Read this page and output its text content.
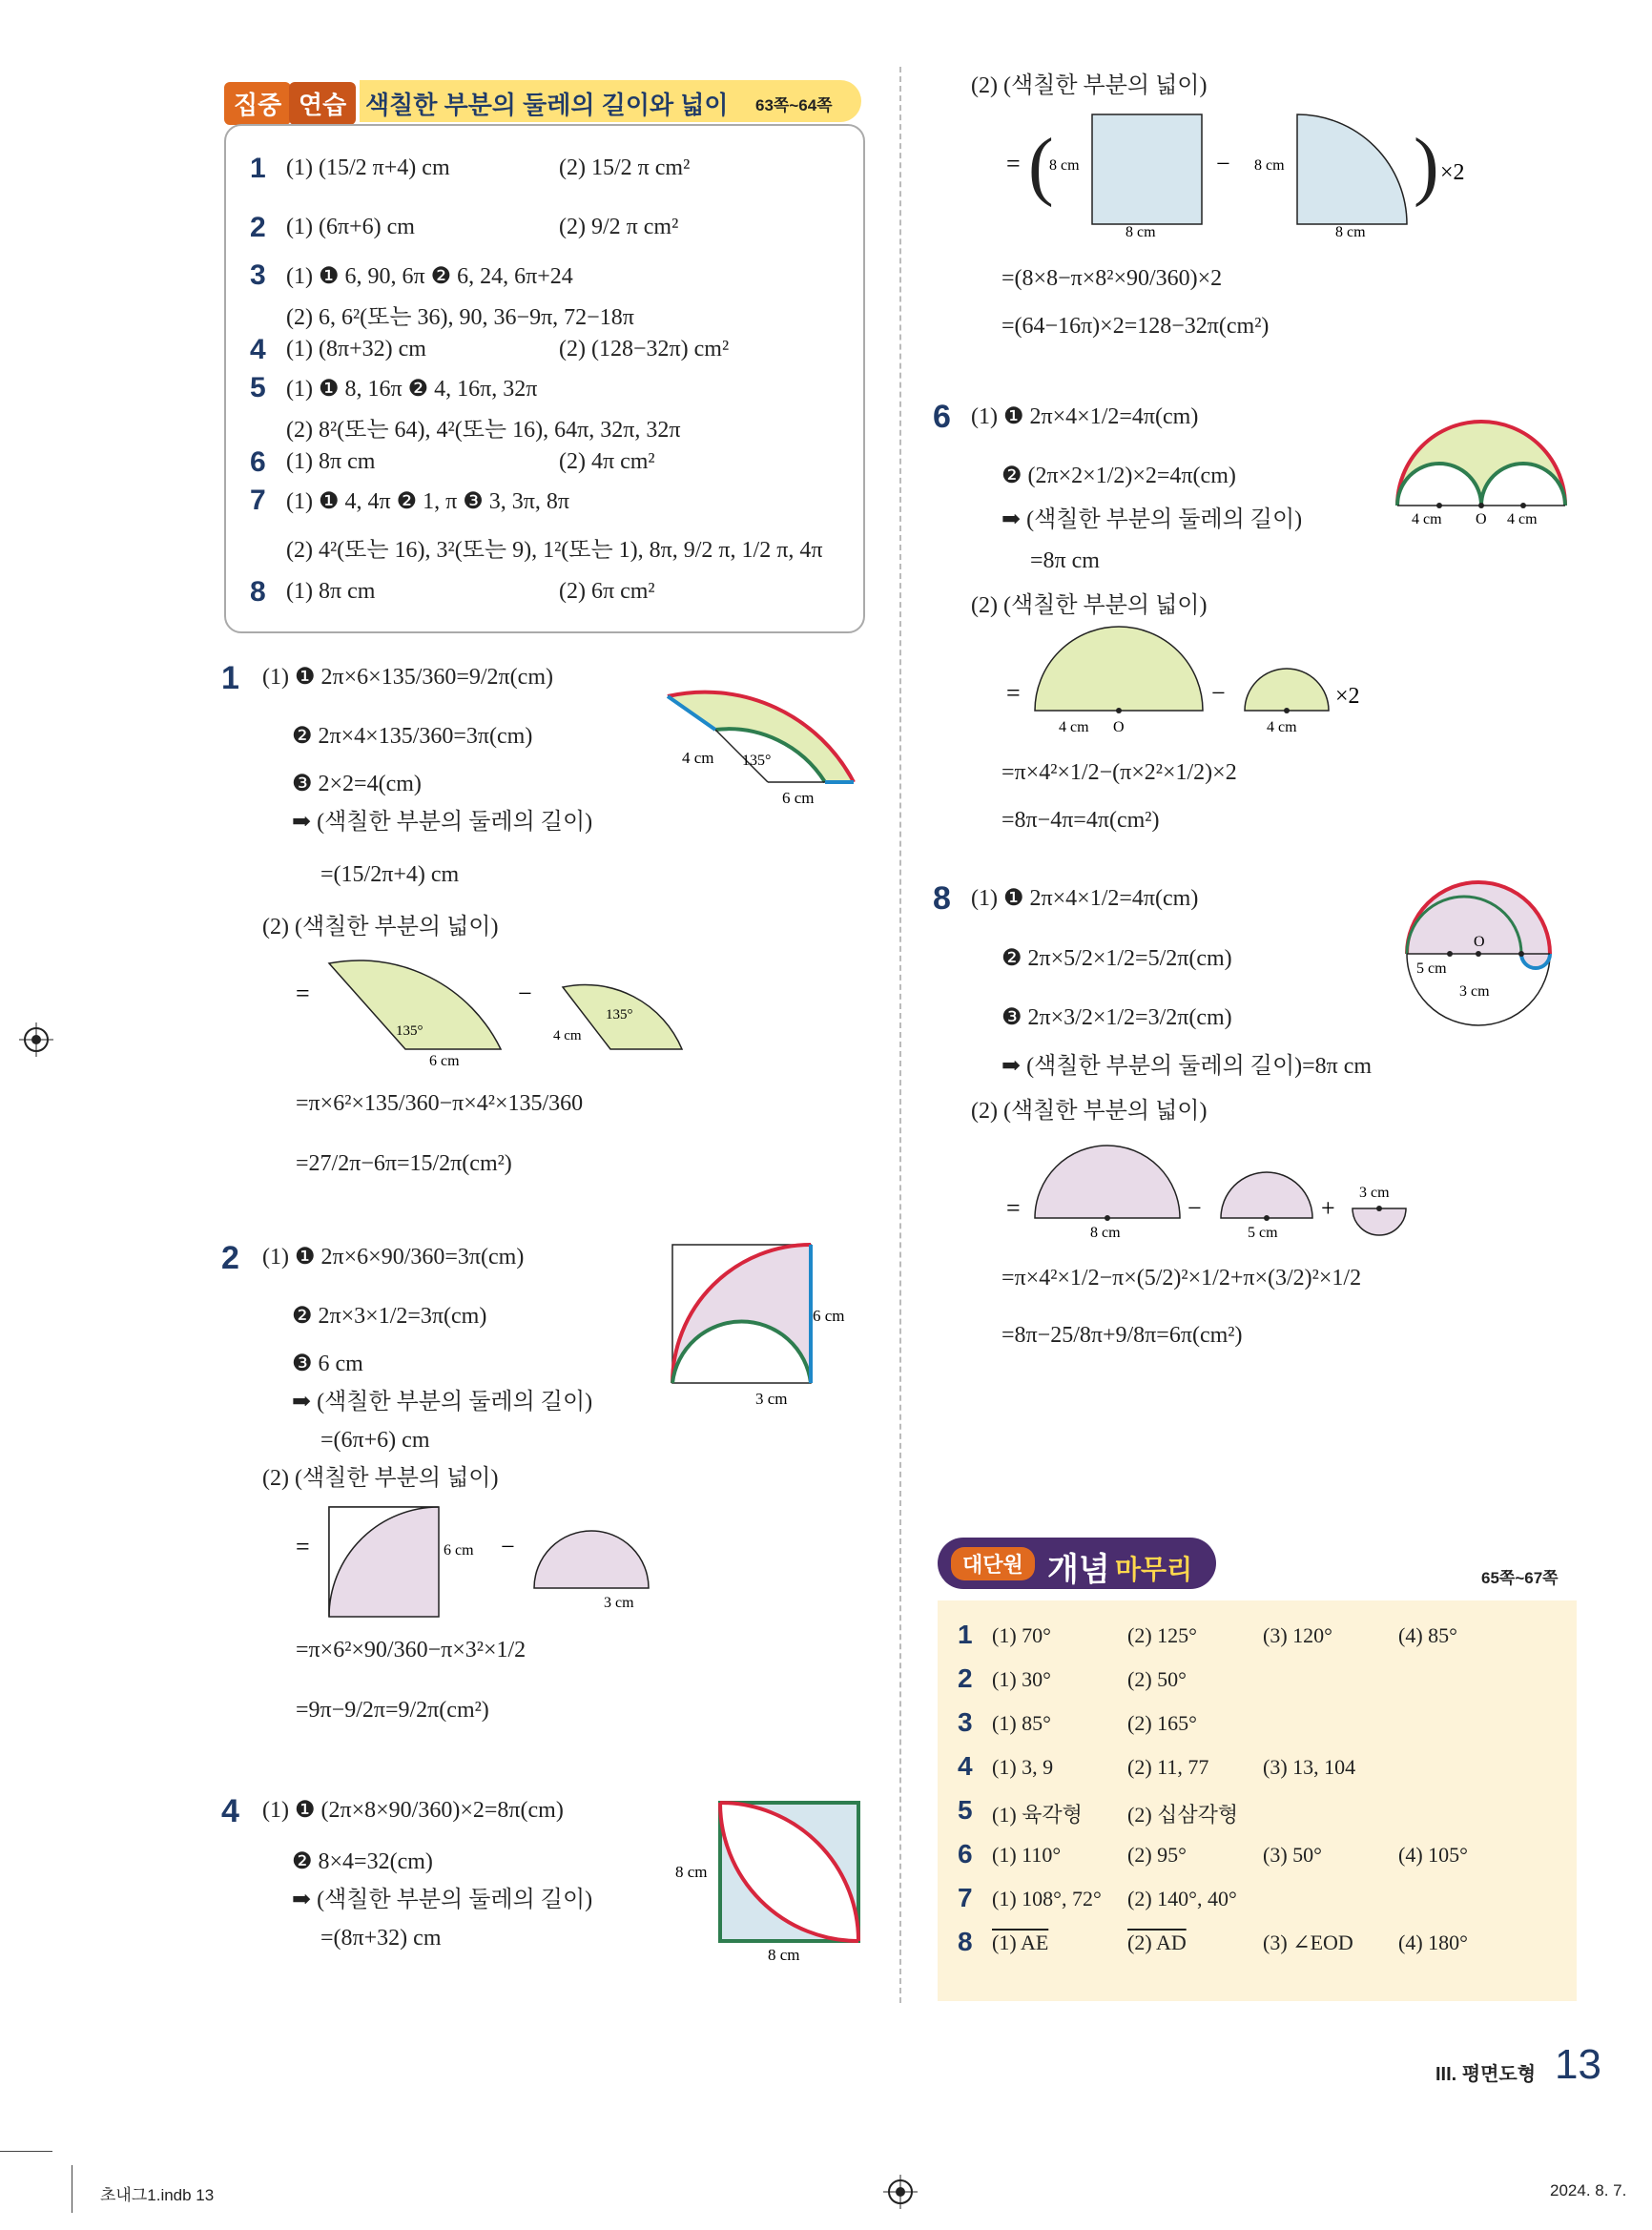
집중 연습 색칠한 부분의 둘레의 길이와 넓이 63쪽~64쪽
1 (1) (15/2 π+4) cm	(2) 15/2 π cm²
2 (1) (6π+6) cm	(2) 9/2 π cm²
3 (1) ❶ 6, 90, 6π ❷ 6, 24, 6π+24
(2) 6, 6²(또는 36), 90, 36−9π, 72−18π
4 (1) (8π+32) cm	(2) (128−32π) cm²
5 (1) ❶ 8, 16π ❷ 4, 16π, 32π
(2) 8²(또는 64), 4²(또는 16), 64π, 32π, 32π
6 (1) 8π cm	(2) 4π cm²
7 (1) ❶ 4, 4π ❷ 1, π ❸ 3, 3π, 8π
(2) 4²(또는 16), 3²(또는 9), 1²(또는 1), 8π, 9/2 π, 1/2 π, 4π
8 (1) 8π cm	(2) 6π cm²
1 (1) ❶ 2π×6×135/360=9/2π(cm)
❷ 2π×4×135/360=3π(cm)
❸ 2×2=4(cm)
➡ (색칠한 부분의 둘레의 길이)
=(15/2π+4) cm
(2) (색칠한 부분의 넓이)
=π×6²×135/360−π×4²×135/360
=27/2π−6π=15/2π(cm²)
4 cm 135°
6 cm
=
135°
6 cm
−
4 cm
135°
2 (1) ❶ 2π×6×90/360=3π(cm)
❷ 2π×3×1/2=3π(cm)
❸ 6 cm
➡ (색칠한 부분의 둘레의 길이)
=(6π+6) cm
(2) (색칠한 부분의 넓이)
=π×6²×90/360−π×3²×1/2
=9π−9/2π=9/2π(cm²)
6 cm
3 cm
=	6 cm −
3 cm
4 (1) ❶ (2π×8×90/360)×2=8π(cm)
❷ 8×4=32(cm)
➡ (색칠한 부분의 둘레의 길이)
=(8π+32) cm
8 cm
8 cm
(2) (색칠한 부분의 넓이)
= (
8 cm
8 cm
− 8 cm
8 cm
) ×2
=(8×8−π×8²×90/360)×2
=(64−16π)×2=128−32π(cm²)
6 (1) ❶ 2π×4×1/2=4π(cm)
❷ (2π×2×1/2)×2=4π(cm)
➡ (색칠한 부분의 둘레의 길이)
=8π cm
(2) (색칠한 부분의 넓이)
=π×4²×1/2−(π×2²×1/2)×2
=8π−4π=4π(cm²)
4 cm O 4 cm
=
4 cm O
−
4 cm
×2
8 (1) ❶ 2π×4×1/2=4π(cm)
❷ 2π×5/2×1/2=5/2π(cm)
❸ 2π×3/2×1/2=3/2π(cm)
➡ (색칠한 부분의 둘레의 길이)=8π cm
(2) (색칠한 부분의 넓이)
=π×4²×1/2−π×(5/2)²×1/2+π×(3/2)²×1/2
=8π−25/8π+9/8π=6π(cm²)
O
5 cm
3 cm
=
8 cm
−
5 cm
+
3 cm
대단원 개념 마무리	65쪽~67쪽
1 (1) 70°	(2) 125°	(3) 120°	(4) 85°
2 (1) 30°	(2) 50°
3 (1) 85°	(2) 165°
4 (1) 3, 9	(2) 11, 77	(3) 13, 104
5 (1) 육각형 (2) 십삼각형
6 (1) 110°	(2) 95°	(3) 50°	(4) 105°
7 (1) 108°, 72° (2) 140°, 40°
8 (1) AE	(2) AD	(3) ∠EOD (4) 180°
III. 평면도형 13
초내그1.indb 13	2024. 8. 7.
